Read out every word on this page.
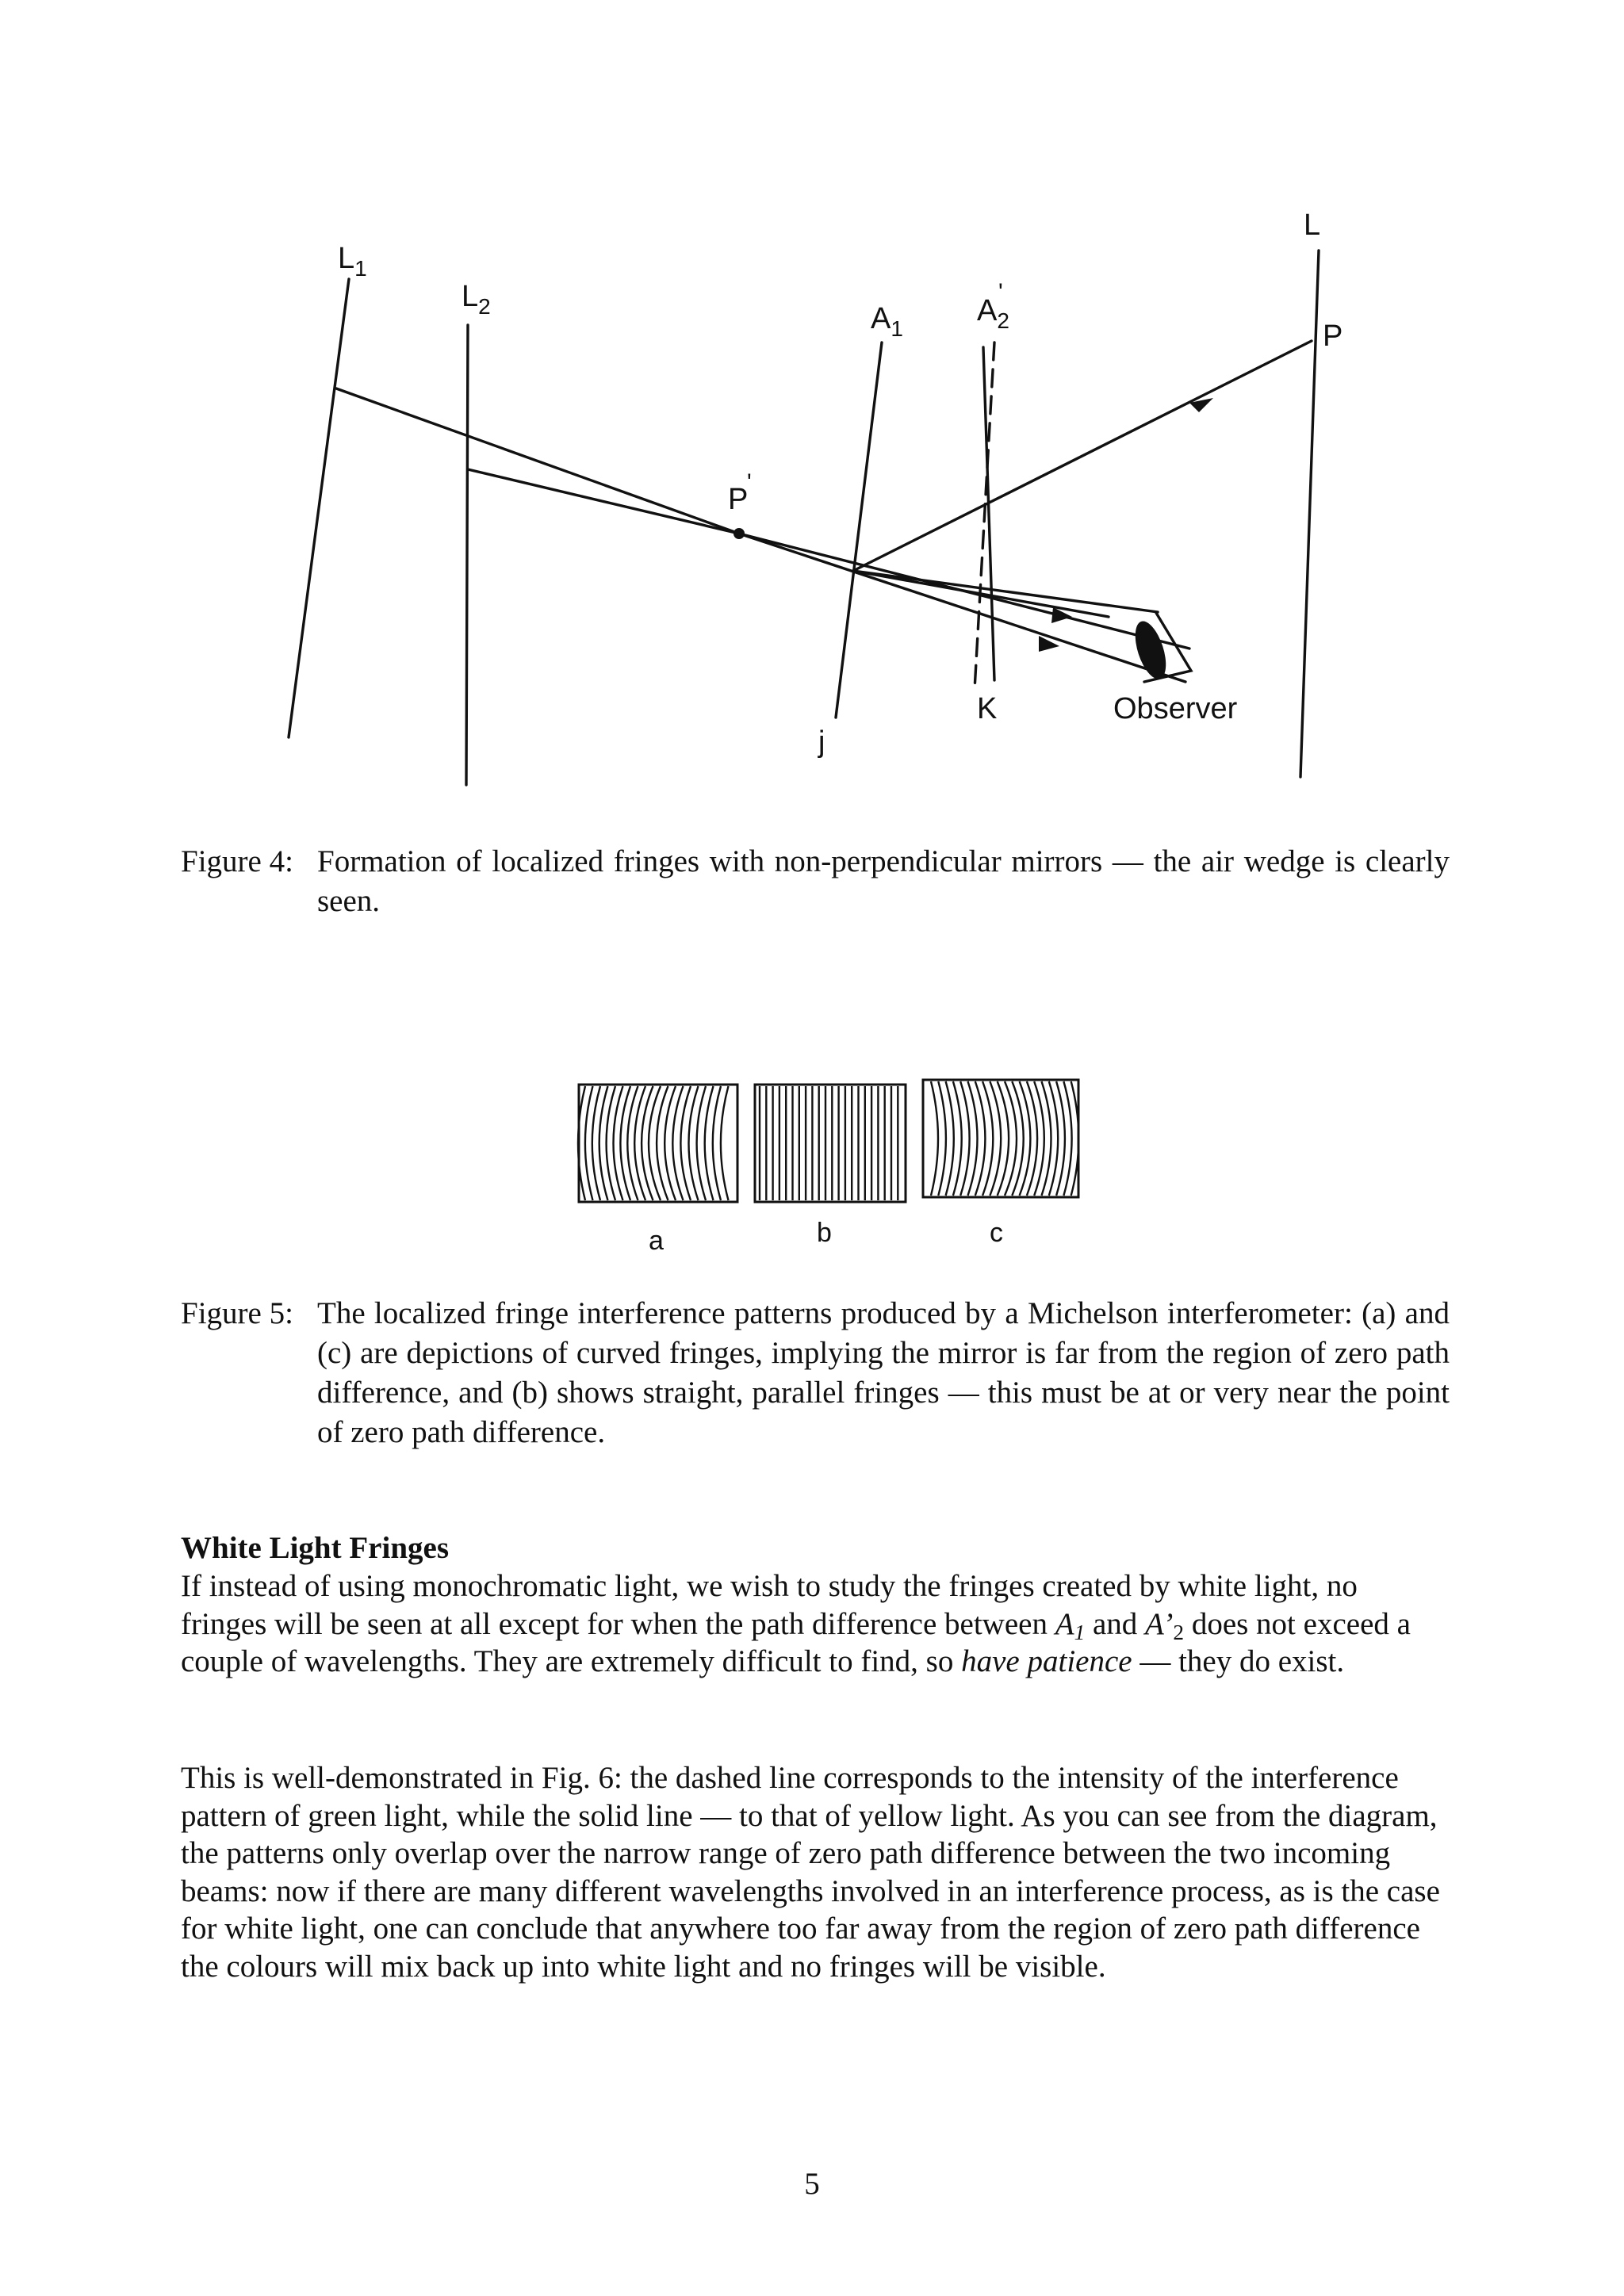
$L_1$
$L_2$	$A_1$
$A_2$
'
L
P
P
'
K
j
Observer
Figure 4: Formation of localized fringes with non-perpendicular mirrors — the air wedge is clearly seen.
a	b	c
Figure 5: The localized fringe interference patterns produced by a Michelson interferometer: (a) and (c) are depictions of curved fringes, implying the mirror is far from the region of zero path difference, and (b) shows straight, parallel fringes — this must be at or very near the point of zero path difference.
White Light Fringes
If instead of using monochromatic light, we wish to study the fringes created by white light, no fringes will be seen at all except for when the path difference between $A_1$ and $A’_2$ does not exceed a couple of wavelengths. They are extremely difficult to find, so have patience — they do exist.
This is well-demonstrated in Fig. 6: the dashed line corresponds to the intensity of the interference pattern of green light, while the solid line — to that of yellow light. As you can see from the diagram, the patterns only overlap over the narrow range of zero path difference between the two incoming beams: now if there are many different wavelengths involved in an interference process, as is the case for white light, one can conclude that anywhere too far away from the region of zero path difference the colours will mix back up into white light and no fringes will be visible.
5
